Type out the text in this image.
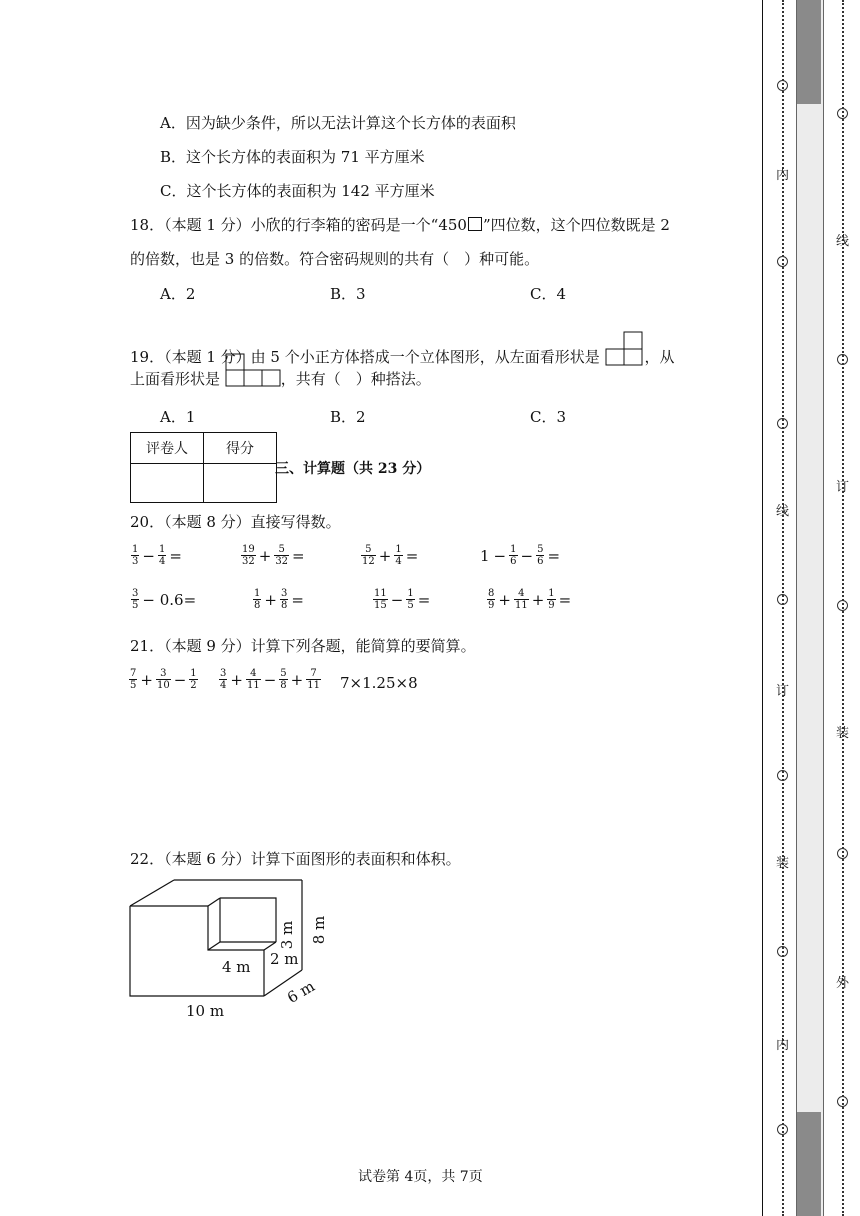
A．因为缺少条件，所以无法计算这个长方体的表面积
B．这个长方体的表面积为 71 平方厘米
C．这个长方体的表面积为 142 平方厘米
18．（本题 1 分）小欣的行李箱的密码是一个“450 ”四位数，这个四位数既是 2
的倍数，也是 3 的倍数。符合密码规则的共有（　）种可能。
A．2	B．3	C．4
19．（本题 1 分）由 5 个小正方体搭成一个立体图形，从左面看形状是	，从
上面看形状是	，共有（　）种搭法。
A．1	B．2	C．3
评卷人	得分

三、计算题（共 23 分）
20．（本题 8 分）直接写得数。
$\frac{1}{3} - \frac{1}{4}$ =	$\frac{19}{32} + \frac{5}{32}$ =	$\frac{5}{12} + \frac{1}{4}$ =	$1 - \frac{1}{6} - \frac{5}{6}$ =
$\frac{3}{5} - 0.6=$	$\frac{1}{8} + \frac{3}{8}$ =	$\frac{11}{15} - \frac{1}{5}$ =	$\frac{8}{9} + \frac{4}{11} + \frac{1}{9}$ =
21．（本题 9 分）计算下列各题，能简算的要简算。
$\frac{7}{5} + \frac{3}{10} - \frac{1}{2} \frac{3}{4} + \frac{4}{11} - \frac{5}{8} + \frac{7}{11} 7\times 1.25\times 8$
22．（本题 6 分）计算下面图形的表面积和体积。
3 m 8 m
2 m
4 m
10 m
6 m
试卷第 4页，共 7页
内
线
订
装
内
线
订
装
外
